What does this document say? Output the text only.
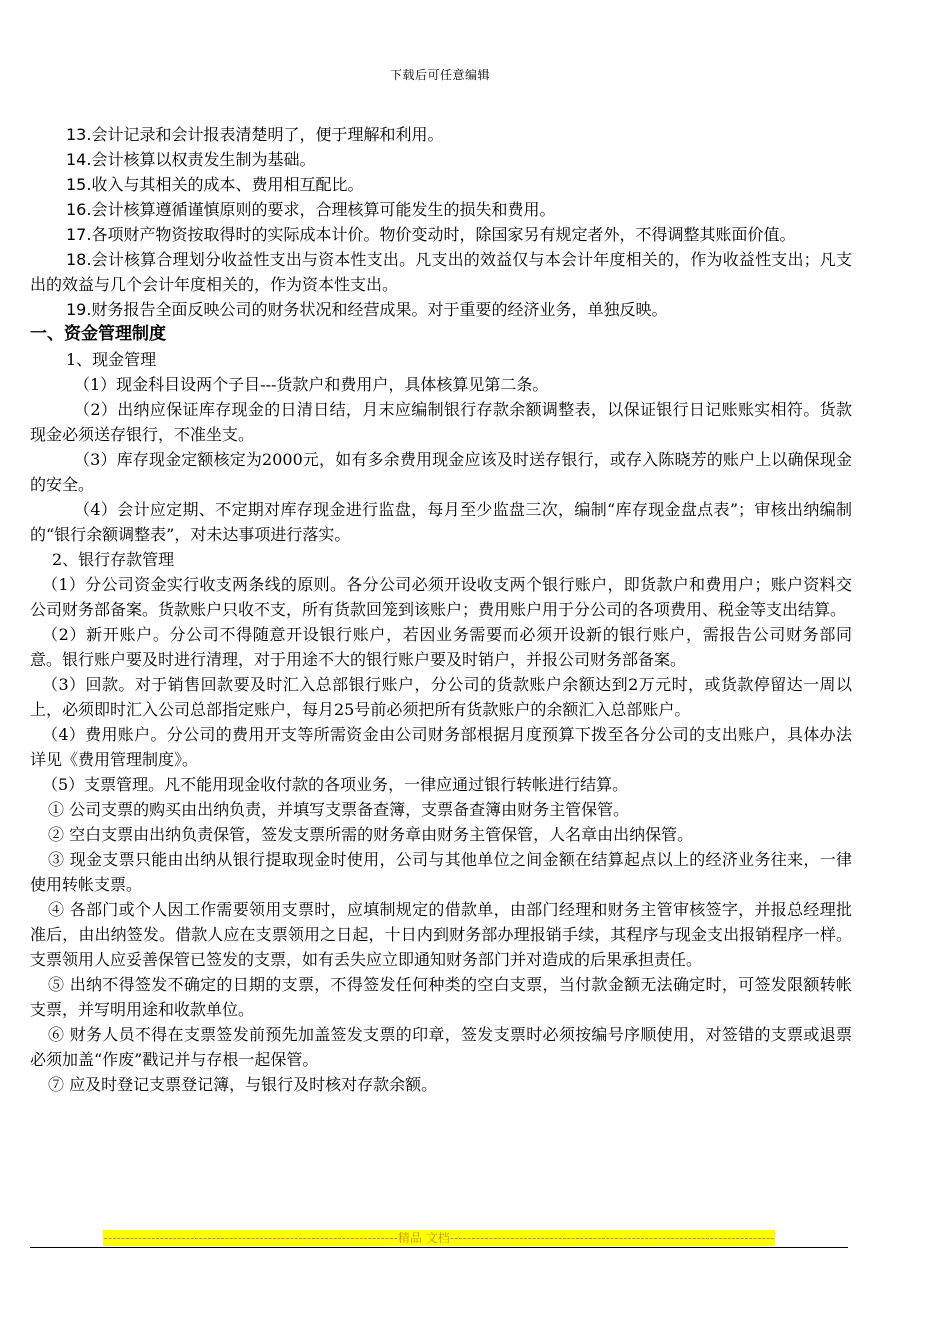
下载后可任意编辑

13.会计记录和会计报表清楚明了，便于理解和利用。

14.会计核算以权责发生制为基础。

15.收入与其相关的成本、费用相互配比。

16.会计核算遵循谨慎原则的要求，合理核算可能发生的损失和费用。

17.各项财产物资按取得时的实际成本计价。物价变动时，除国家另有规定者外，不得调整其账面价值。

18.会计核算合理划分收益性支出与资本性支出。凡支出的效益仅与本会计年度相关的，作为收益性支出；凡支出的效益与几个会计年度相关的，作为资本性支出。

19.财务报告全面反映公司的财务状况和经营成果。对于重要的经济业务，单独反映。

一、资金管理制度

1、现金管理

（1）现金科目设两个子目---货款户和费用户，具体核算见第二条。

（2）出纳应保证库存现金的日清日结，月末应编制银行存款余额调整表，以保证银行日记账账实相符。货款现金必须送存银行，不准坐支。

（3）库存现金定额核定为2000元，如有多余费用现金应该及时送存银行，或存入陈晓芳的账户上以确保现金的安全。

（4）会计应定期、不定期对库存现金进行监盘，每月至少监盘三次，编制“库存现金盘点表”；审核出纳编制的“银行余额调整表”，对未达事项进行落实。

2、银行存款管理

（1）分公司资金实行收支两条线的原则。各分公司必须开设收支两个银行账户，即货款户和费用户；账户资料交公司财务部备案。货款账户只收不支，所有货款回笼到该账户；费用账户用于分公司的各项费用、税金等支出结算。

（2）新开账户。分公司不得随意开设银行账户，若因业务需要而必须开设新的银行账户，需报告公司财务部同意。银行账户要及时进行清理，对于用途不大的银行账户要及时销户，并报公司财务部备案。

（3）回款。对于销售回款要及时汇入总部银行账户，分公司的货款账户余额达到2万元时，或货款停留达一周以上，必须即时汇入公司总部指定账户，每月25号前必须把所有货款账户的余额汇入总部账户。

（4）费用账户。分公司的费用开支等所需资金由公司财务部根据月度预算下拨至各分公司的支出账户，具体办法详见《费用管理制度》。

（5）支票管理。凡不能用现金收付款的各项业务，一律应通过银行转帐进行结算。

① 公司支票的购买由出纳负责，并填写支票备查簿，支票备查簿由财务主管保管。

② 空白支票由出纳负责保管，签发支票所需的财务章由财务主管保管，人名章由出纳保管。

③ 现金支票只能由出纳从银行提取现金时使用，公司与其他单位之间金额在结算起点以上的经济业务往来，一律使用转帐支票。

④ 各部门或个人因工作需要领用支票时，应填制规定的借款单，由部门经理和财务主管审核签字，并报总经理批准后，由出纳签发。借款人应在支票领用之日起，十日内到财务部办理报销手续，其程序与现金支出报销程序一样。支票领用人应妥善保管已签发的支票，如有丢失应立即通知财务部门并对造成的后果承担责任。

⑤ 出纳不得签发不确定的日期的支票，不得签发任何种类的空白支票，当付款金额无法确定时，可签发限额转帐支票，并写明用途和收款单位。

⑥ 财务人员不得在支票签发前预先加盖签发支票的印章，签发支票时必须按编号序顺使用，对签错的支票或退票必须加盖“作废”戳记并与存根一起保管。

⑦ 应及时登记支票登记簿，与银行及时核对存款余额。

--------------------------------------------------------------------精品 文档---------------------------------------------------------------------------
